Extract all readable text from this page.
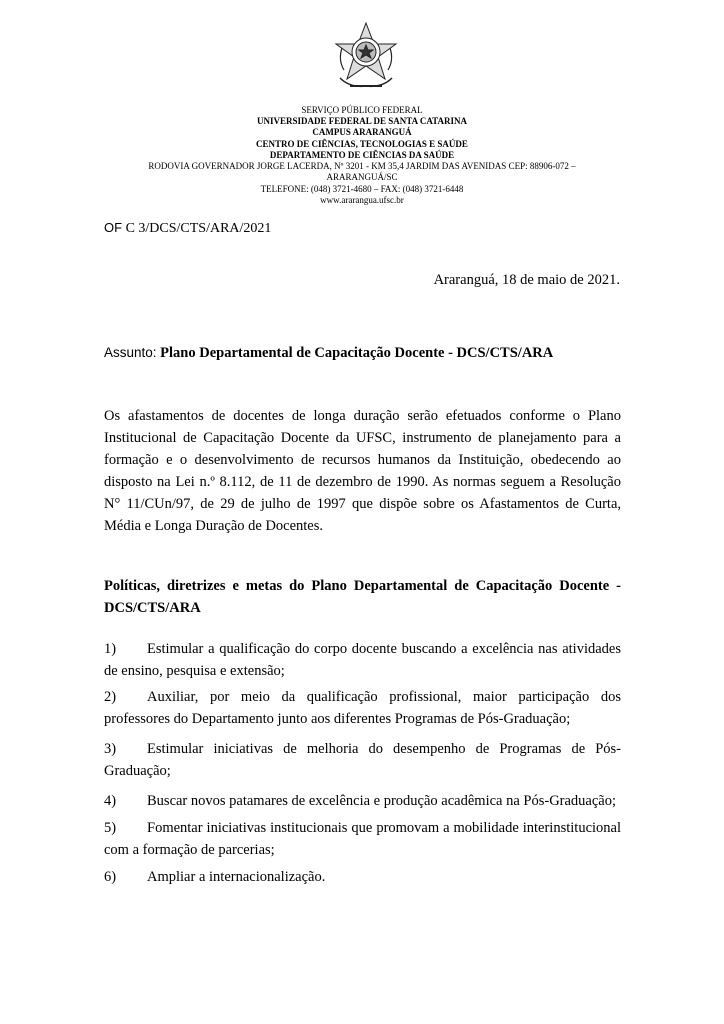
SERVIÇO PÚBLICO FEDERAL
UNIVERSIDADE FEDERAL DE SANTA CATARINA
CAMPUS ARARANGUÁ
CENTRO DE CIÊNCIAS, TECNOLOGIAS E SAÚDE
DEPARTAMENTO DE CIÊNCIAS DA SAÚDE
RODOVIA GOVERNADOR JORGE LACERDA, Nº 3201 - KM 35,4 JARDIM DAS AVENIDAS CEP: 88906-072 –
ARARANGUÁ/SC
TELEFONE: (048) 3721-4680 – FAX: (048) 3721-6448
www.ararangua.ufsc.br
OF C 3/DCS/CTS/ARA/2021
Araranguá, 18 de maio de 2021.
Assunto: Plano Departamental de Capacitação Docente - DCS/CTS/ARA
Os afastamentos de docentes de longa duração serão efetuados conforme o Plano Institucional de Capacitação Docente da UFSC, instrumento de planejamento para a formação e o desenvolvimento de recursos humanos da Instituição, obedecendo ao disposto na Lei n.º 8.112, de 11 de dezembro de 1990. As normas seguem a Resolução N° 11/CUn/97, de 29 de julho de 1997 que dispõe sobre os Afastamentos de Curta, Média e Longa Duração de Docentes.
Políticas, diretrizes e metas do Plano Departamental de Capacitação Docente - DCS/CTS/ARA
1) Estimular a qualificação do corpo docente buscando a excelência nas atividades de ensino, pesquisa e extensão;
2) Auxiliar, por meio da qualificação profissional, maior participação dos professores do Departamento junto aos diferentes Programas de Pós-Graduação;
3) Estimular iniciativas de melhoria do desempenho de Programas de Pós-Graduação;
4) Buscar novos patamares de excelência e produção acadêmica na Pós-Graduação;
5) Fomentar iniciativas institucionais que promovam a mobilidade interinstitucional com a formação de parcerias;
6) Ampliar a internacionalização.
